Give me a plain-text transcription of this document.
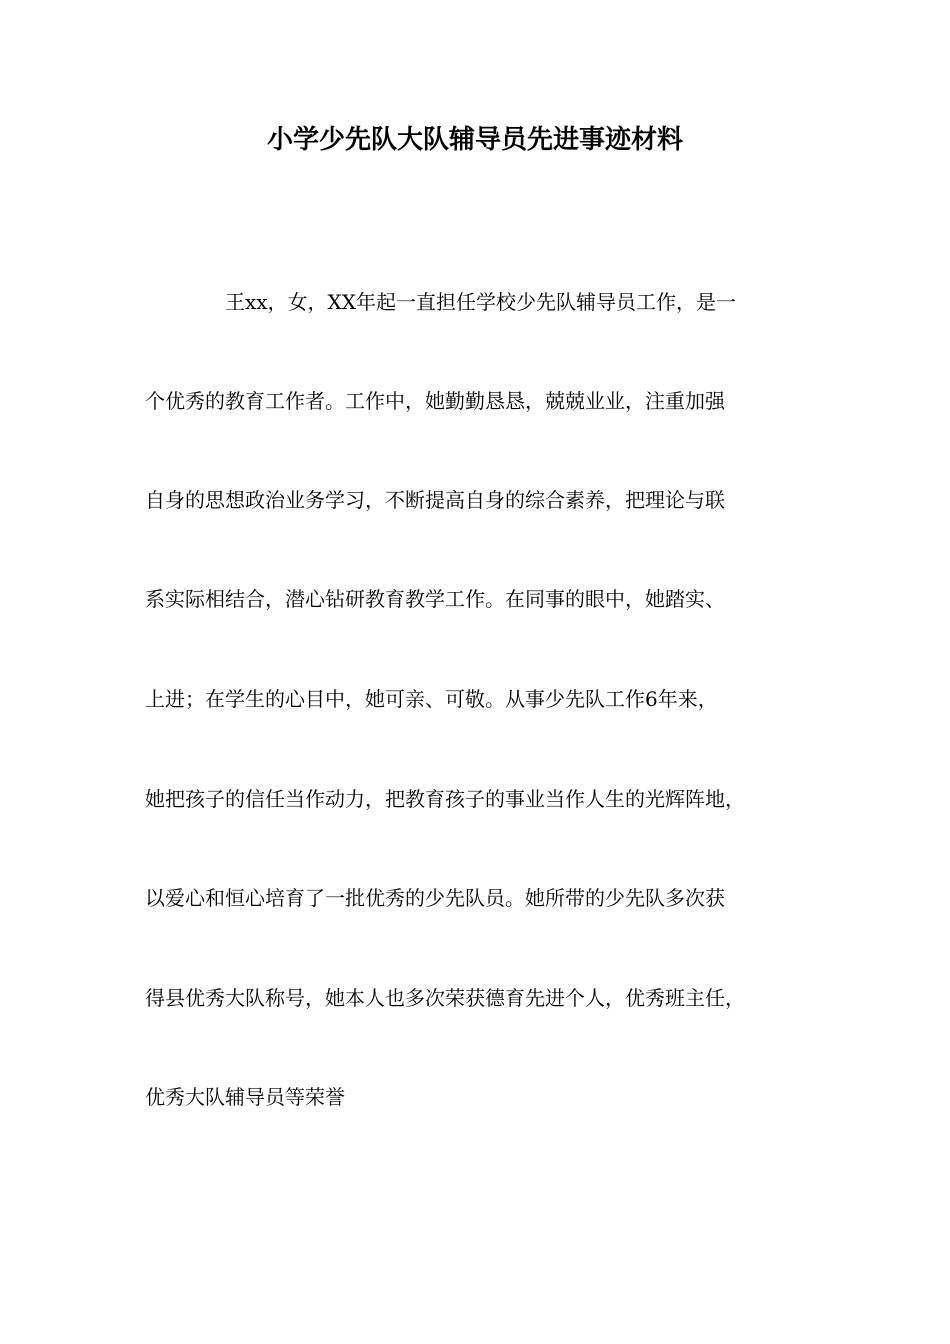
小学少先队大队辅导员先进事迹材料

王xx，女，XX年起一直担任学校少先队辅导员工作，是一

个优秀的教育工作者。工作中，她勤勤恳恳，兢兢业业，注重加强

自身的思想政治业务学习，不断提高自身的综合素养，把理论与联

系实际相结合，潜心钻研教育教学工作。在同事的眼中，她踏实、

上进；在学生的心目中，她可亲、可敬。从事少先队工作6年来，

她把孩子的信任当作动力，把教育孩子的事业当作人生的光辉阵地，

以爱心和恒心培育了一批优秀的少先队员。她所带的少先队多次获

得县优秀大队称号，她本人也多次荣获德育先进个人，优秀班主任，

优秀大队辅导员等荣誉
